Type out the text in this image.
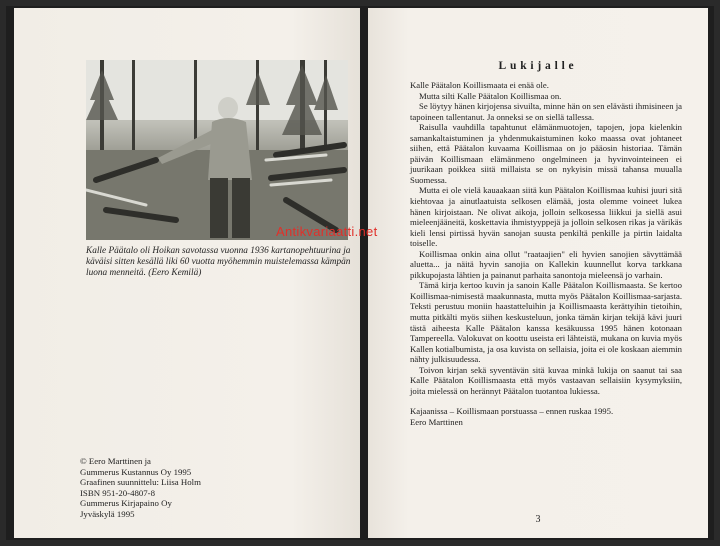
Kalle Päätalo oli Hoikan savotassa vuonna 1936 kartanopehtuurina ja käväisi sitten kesällä liki 60 vuotta myöhemmin muistelemassa kämpän luona menneitä. (Eero Kemilä)

© Eero Marttinen ja
Gummerus Kustannus Oy 1995
Graafinen suunnittelu: Liisa Holm
ISBN 951-20-4807-8
Gummerus Kirjapaino Oy
Jyväskylä 1995
Lukijalle

Kalle Päätalon Koillismaata ei enää ole.

Mutta silti Kalle Päätalon Koillismaa on.

Se löytyy hänen kirjojensa sivuilta, minne hän on sen elävästi ihmisineen ja tapoineen tallentanut. Ja onneksi se on siellä tallessa.

Raisulla vauhdilla tapahtunut elämänmuotojen, tapojen, jopa kielenkin samankaltaistuminen ja yhdenmukaistuminen koko maassa ovat johtaneet siihen, että Päätalon kuvaama Koillismaa on jo pääosin historiaa. Tämän päivän Koillismaan elämänmeno ongelmineen ja hyvinvointeineen ei juurikaan poikkea siitä millaista se on nykyisin missä tahansa muualla Suomessa.

Mutta ei ole vielä kauaakaan siitä kun Päätalon Koillismaa kuhisi juuri sitä kiehtovaa ja ainutlaatuista selkosen elämää, josta olemme voineet lukea hänen kirjoistaan. Ne olivat aikoja, jolloin selkosessa liikkui ja siellä asui mieleenjääneitä, koskettavia ihmistyyppejä ja jolloin selkosen rikas ja värikäs kieli lensi pirtissä hyvän sanojan suusta penkiltä penkille ja pirtin laidalta toiselle.

Koillismaa onkin aina ollut "raataajien" eli hyvien sanojien sävyttämää aluetta... ja näitä hyvin sanojia on Kallekin kuunnellut korva tarkkana pikkupojasta lähtien ja painanut parhaita sanontoja mieleensä jo varhain.

Tämä kirja kertoo kuvin ja sanoin Kalle Päätalon Koillismaasta. Se kertoo Koillismaa-nimisestä maakunnasta, mutta myös Päätalon Koillismaa-sarjasta. Teksti perustuu moniin haastatteluihin ja Koillismaasta kerättyihin tietoihin, mutta pitkälti myös siihen keskusteluun, jonka tämän kirjan tekijä kävi juuri tästä aiheesta Kalle Päätalon kanssa kesäkuussa 1995 hänen kotonaan Tampereella. Valokuvat on koottu useista eri lähteistä, mukana on kuvia myös Kallen kotialbumista, ja osa kuvista on sellaisia, joita ei ole koskaan aiemmin nähty julkisuudessa.

Toivon kirjan sekä syventävän sitä kuvaa minkä lukija on saanut tai saa Kalle Päätalon Koillismaasta että myös vastaavan sellaisiin kysymyksiin, joita mielessä on herännyt Päätalon tuotantoa lukiessa.

Kajaanissa – Koillismaan porstuassa – ennen ruskaa 1995.

Eero Marttinen

3
Antikvariaatti.net
